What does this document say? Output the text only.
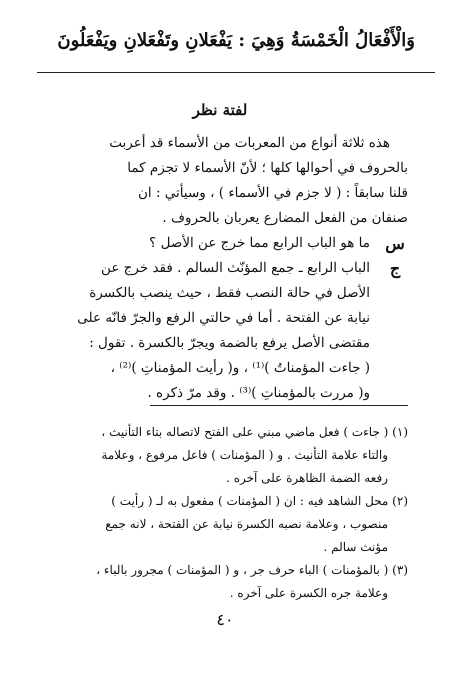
وَالْأَفْعَالُ الْخَمْسَةُ وَهِيَ : يَفْعَلانِ وتَفْعَلانِ ويَفْعَلُونَ
لفتة نظر
هذه ثلاثة أنواع من المعربات من الأسماء قد أعربت
بالحروف في أحوالها كلها ؛ لأنّ الأسماء لا تجزم كما
قلنا سابقاً : ( لا جزم في الأسماء ) ، وسيأتي : ان
صنفان من الفعل المضارع يعربان بالحروف .
س
ما هو الباب الرابع مما خرج عن الأصل ؟
ج
الباب الرابع ـ جمع المؤنّث السالم . فقد خرج عن
الأصل في حالة النصب فقط ، حيث ينصب بالكسرة
نيابة عن الفتحة . أما في حالتي الرفع والجرّ فانّه على
مقتضى الأصل يرفع بالضمة ويجرّ بالكسرة . تقول :
( جاءت المؤمناتُ )⁽¹⁾ ، و( رأيت المؤمناتِ )⁽²⁾ ،
و( مررت بالمؤمناتِ )⁽³⁾ . وقد مرّ ذكره .
(١) ( جاءت ) فعل ماضي مبني على الفتح لاتصاله بتاء التأنيث ،
والتاء علامة التأنيث . و ( المؤمنات ) فاعل مرفوع ، وعلامة
رفعه الضمة الظاهرة على آخره .
(٢) محل الشاهد فيه : ان ( المؤمنات ) مفعول به لـ ( رأيت )
منصوب ، وعلامة نصبه الكسرة نيابة عن الفتحة ، لانه جمع
مؤنث سالم .
(٣) ( بالمؤمنات ) الباء حرف جر ، و ( المؤمنات ) مجرور بالباء ،
وعلامة جره الكسرة على آخره .
٤٠
